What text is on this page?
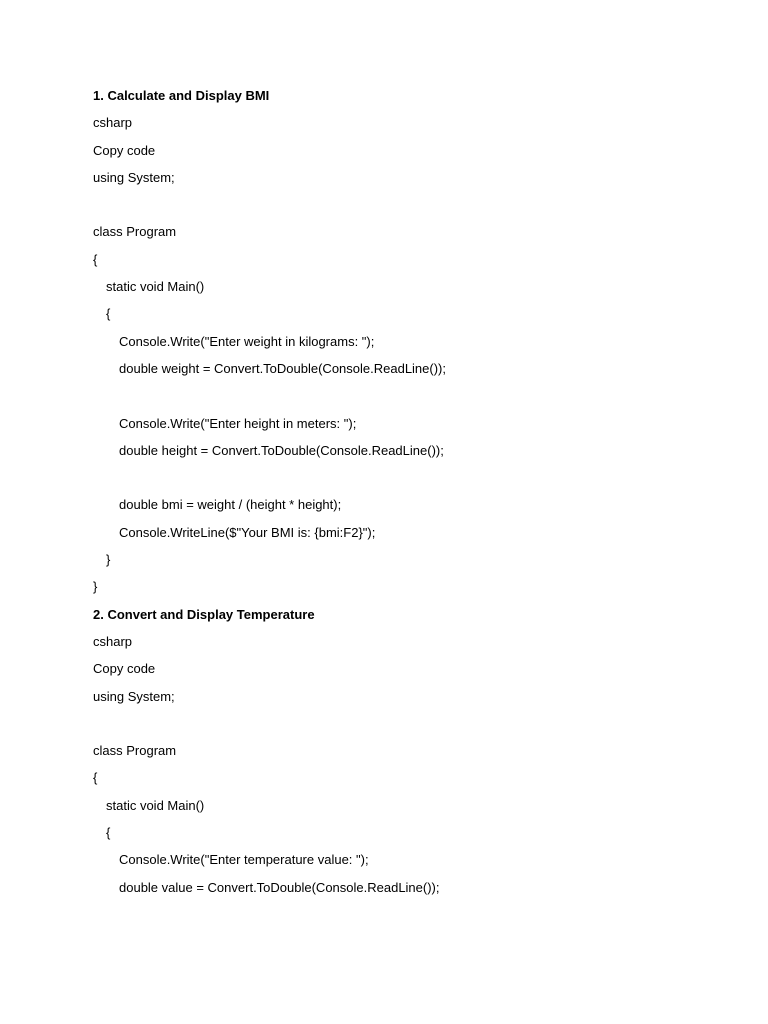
1. Calculate and Display BMI
csharp
Copy code
using System;
class Program
{
static void Main()
{
Console.Write("Enter weight in kilograms: ");
double weight = Convert.ToDouble(Console.ReadLine());
Console.Write("Enter height in meters: ");
double height = Convert.ToDouble(Console.ReadLine());
double bmi = weight / (height * height);
Console.WriteLine($"Your BMI is: {bmi:F2}");
}
}
2. Convert and Display Temperature
csharp
Copy code
using System;
class Program
{
static void Main()
{
Console.Write("Enter temperature value: ");
double value = Convert.ToDouble(Console.ReadLine());
